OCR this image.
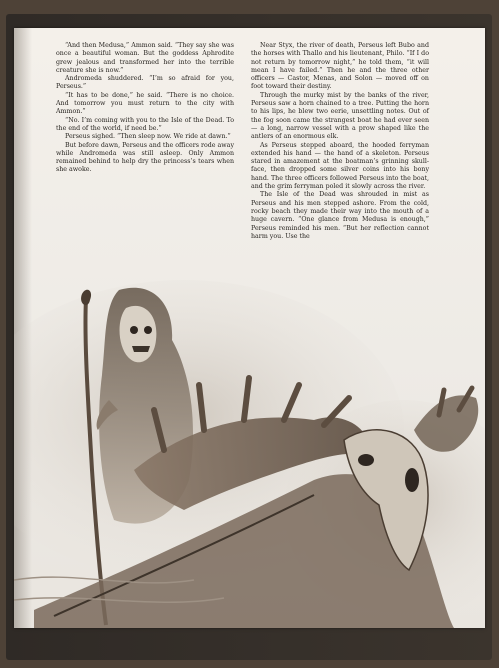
“And then Medusa,” Ammon said. “They say she was once a beautiful woman. But the goddess Aphrodite grew jealous and transformed her into the terrible creature she is now.”

Andromeda shuddered. “I’m so afraid for you, Perseus.”

“It has to be done,” he said. “There is no choice. And tomorrow you must return to the city with Ammon.”

“No. I’m coming with you to the Isle of the Dead. To the end of the world, if need be.”

Perseus sighed. “Then sleep now. We ride at dawn.”

But before dawn, Perseus and the officers rode away while Andromeda was still asleep. Only Ammon remained behind to help dry the princess’s tears when she awoke.

Near Styx, the river of death, Perseus left Bubo and the horses with Thallo and his lieutenant, Philo. “If I do not return by tomorrow night,” he told them, “it will mean I have failed.” Then he and the three other officers — Castor, Menas, and Solon — moved off on foot toward their destiny.

Through the murky mist by the banks of the river, Perseus saw a horn chained to a tree. Putting the horn to his lips, he blew two eerie, unsettling notes. Out of the fog soon came the strangest boat he had ever seen — a long, narrow vessel with a prow shaped like the antlers of an enormous elk.

As Perseus stepped aboard, the hooded ferryman extended his hand — the hand of a skeleton. Perseus stared in amazement at the boatman’s grinning skull-face, then dropped some silver coins into his bony hand. The three officers followed Perseus into the boat, and the grim ferryman poled it slowly across the river.

The Isle of the Dead was shrouded in mist as Perseus and his men stepped ashore. From the cold, rocky beach they made their way into the mouth of a huge cavern. “One glance from Medusa is enough,” Perseus reminded his men. “But her reflection cannot harm you. Use the
